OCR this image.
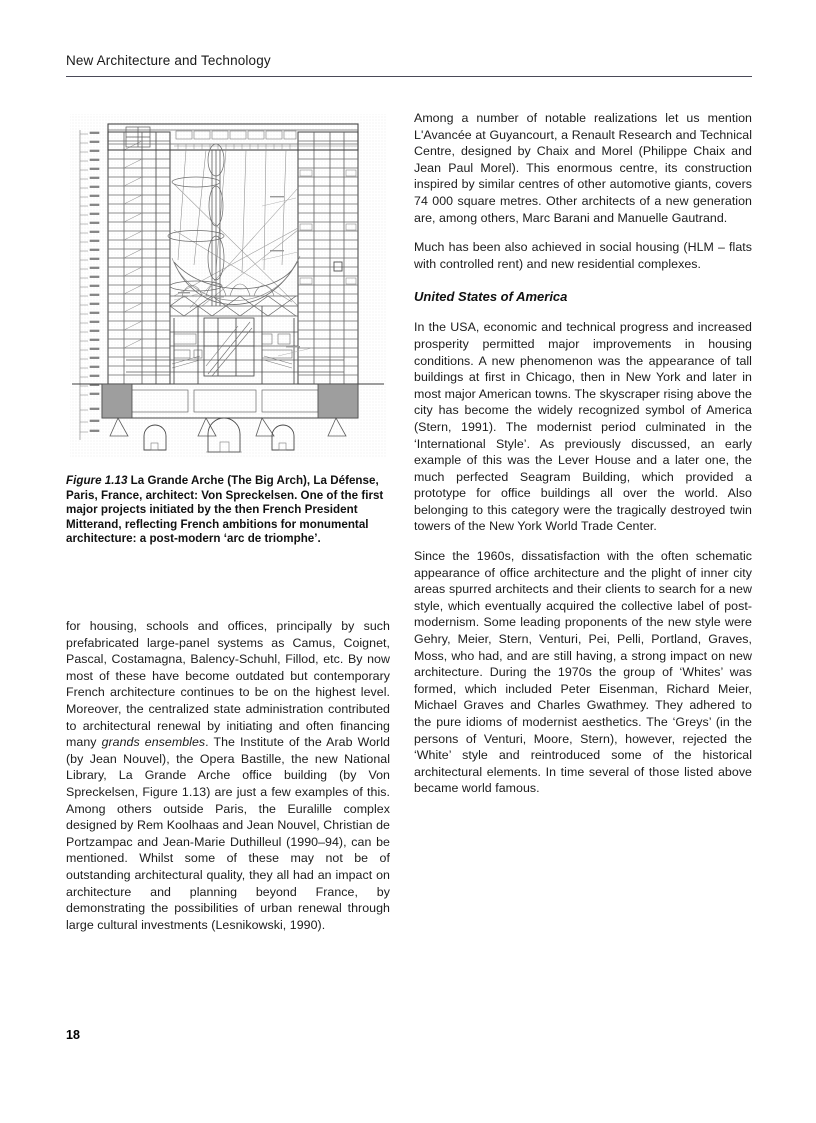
New Architecture and Technology
Figure 1.13 La Grande Arche (The Big Arch), La Défense, Paris, France, architect: Von Spreckelsen. One of the first major projects initiated by the then French President Mitterand, reflecting French ambitions for monumental architecture: a post-modern ‘arc de triomphe’.

for housing, schools and offices, principally by such prefabricated large-panel systems as Camus, Coignet, Pascal, Costamagna, Balency-Schuhl, Fillod, etc. By now most of these have become outdated but contemporary French architecture continues to be on the highest level. Moreover, the centralized state administration contributed to architectural renewal by initiating and often financing many grands ensembles. The Institute of the Arab World (by Jean Nouvel), the Opera Bastille, the new National Library, La Grande Arche office building (by Von Spreckelsen, Figure 1.13) are just a few examples of this. Among others outside Paris, the Euralille complex designed by Rem Koolhaas and Jean Nouvel, Christian de Portzampac and Jean-Marie Duthilleul (1990–94), can be mentioned. Whilst some of these may not be of outstanding architectural quality, they all had an impact on architecture and planning beyond France, by demonstrating the possibilities of urban renewal through large cultural investments (Lesnikowski, 1990).

Among a number of notable realizations let us mention L'Avancée at Guyancourt, a Renault Research and Technical Centre, designed by Chaix and Morel (Philippe Chaix and Jean Paul Morel). This enormous centre, its construction inspired by similar centres of other automotive giants, covers 74 000 square metres. Other architects of a new generation are, among others, Marc Barani and Manuelle Gautrand.

Much has been also achieved in social housing (HLM – flats with controlled rent) and new residential complexes.

United States of America

In the USA, economic and technical progress and increased prosperity permitted major improvements in housing conditions. A new phenomenon was the appearance of tall buildings at first in Chicago, then in New York and later in most major American towns. The skyscraper rising above the city has become the widely recognized symbol of America (Stern, 1991). The modernist period culminated in the ‘International Style’. As previously discussed, an early example of this was the Lever House and a later one, the much perfected Seagram Building, which provided a prototype for office buildings all over the world. Also belonging to this category were the tragically destroyed twin towers of the New York World Trade Center.

Since the 1960s, dissatisfaction with the often schematic appearance of office architecture and the plight of inner city areas spurred architects and their clients to search for a new style, which eventually acquired the collective label of post-modernism. Some leading proponents of the new style were Gehry, Meier, Stern, Venturi, Pei, Pelli, Portland, Graves, Moss, who had, and are still having, a strong impact on new architecture. During the 1970s the group of ‘Whites’ was formed, which included Peter Eisenman, Richard Meier, Michael Graves and Charles Gwathmey. They adhered to the pure idioms of modernist aesthetics. The ‘Greys’ (in the persons of Venturi, Moore, Stern), however, rejected the ‘White’ style and reintroduced some of the historical architectural elements. In time several of those listed above became world famous.

18
